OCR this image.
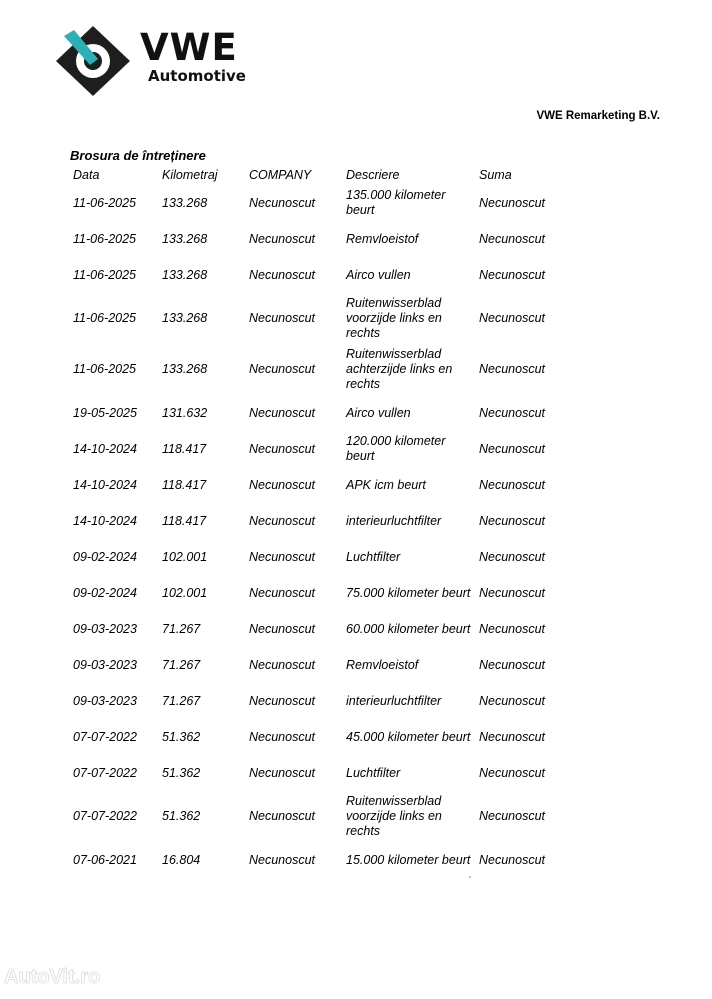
VWE
Automotive
VWE Remarketing B.V.
Brosura de întreținere
Data	Kilometraj	COMPANY	Descriere	Suma
11-06-2025	133.268	Necunoscut	135.000 kilometer beurt	Necunoscut
11-06-2025	133.268	Necunoscut	Remvloeistof	Necunoscut
11-06-2025	133.268	Necunoscut	Airco vullen	Necunoscut
11-06-2025	133.268	Necunoscut	Ruitenwisserblad voorzijde links en rechts	Necunoscut
11-06-2025	133.268	Necunoscut	Ruitenwisserblad achterzijde links en rechts	Necunoscut
19-05-2025	131.632	Necunoscut	Airco vullen	Necunoscut
14-10-2024	118.417	Necunoscut	120.000 kilometer beurt	Necunoscut
14-10-2024	118.417	Necunoscut	APK icm beurt	Necunoscut
14-10-2024	118.417	Necunoscut	interieurluchtfilter	Necunoscut
09-02-2024	102.001	Necunoscut	Luchtfilter	Necunoscut
09-02-2024	102.001	Necunoscut	75.000 kilometer beurt	Necunoscut
09-03-2023	71.267	Necunoscut	60.000 kilometer beurt	Necunoscut
09-03-2023	71.267	Necunoscut	Remvloeistof	Necunoscut
09-03-2023	71.267	Necunoscut	interieurluchtfilter	Necunoscut
07-07-2022	51.362	Necunoscut	45.000 kilometer beurt	Necunoscut
07-07-2022	51.362	Necunoscut	Luchtfilter	Necunoscut
07-07-2022	51.362	Necunoscut	Ruitenwisserblad voorzijde links en rechts	Necunoscut
07-06-2021	16.804	Necunoscut	15.000 kilometer beurt	Necunoscut
"
AutoVit.ro
